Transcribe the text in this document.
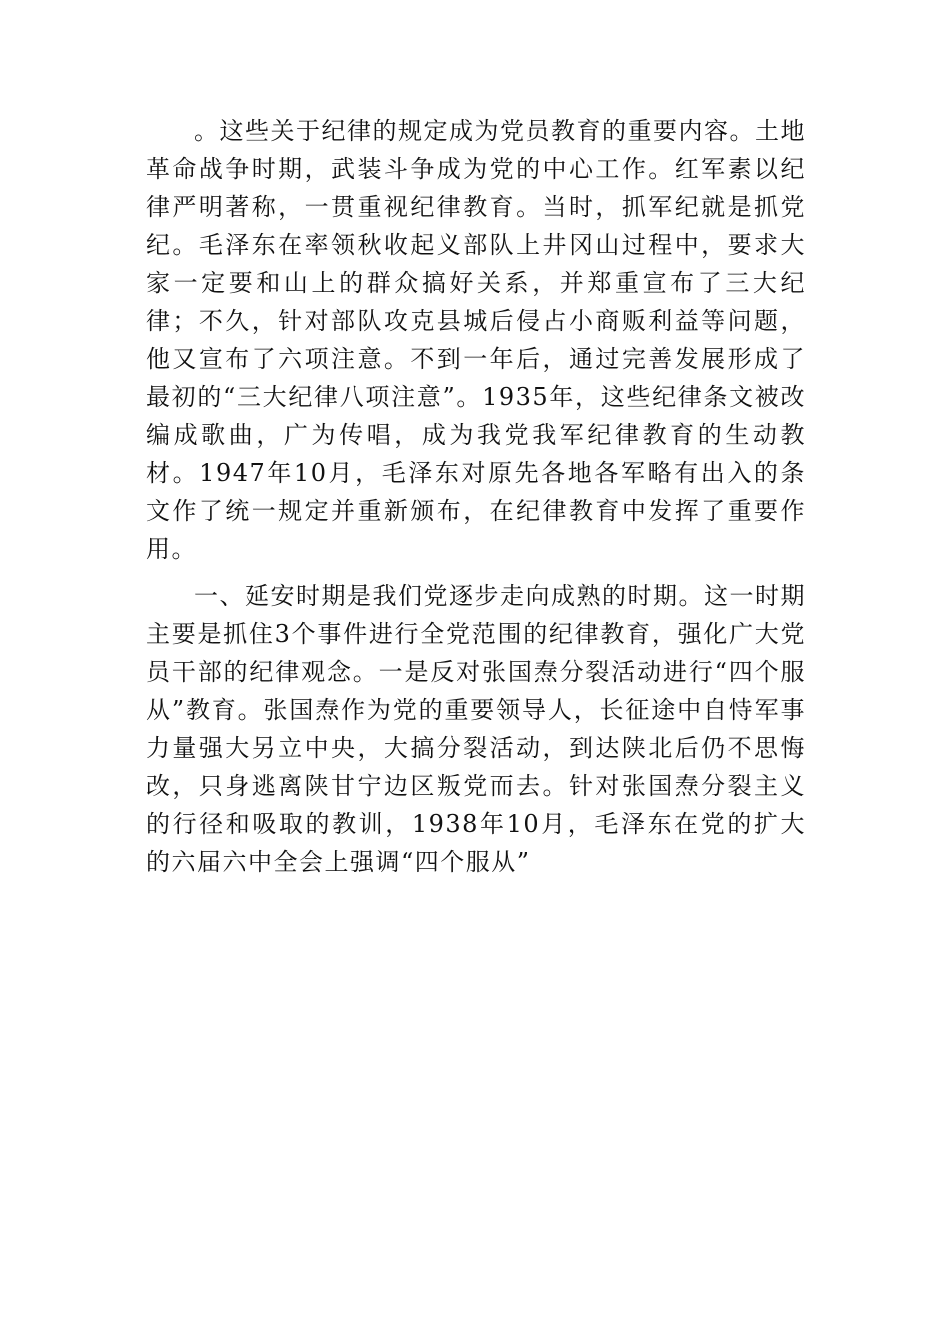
。这些关于纪律的规定成为党员教育的重要内容。土地革命战争时期，武装斗争成为党的中心工作。红军素以纪律严明著称，一贯重视纪律教育。当时，抓军纪就是抓党纪。毛泽东在率领秋收起义部队上井冈山过程中，要求大家一定要和山上的群众搞好关系，并郑重宣布了三大纪律；不久，针对部队攻克县城后侵占小商贩利益等问题，他又宣布了六项注意。不到一年后，通过完善发展形成了最初的“三大纪律八项注意”。1935年，这些纪律条文被改编成歌曲，广为传唱，成为我党我军纪律教育的生动教材。1947年10月，毛泽东对原先各地各军略有出入的条文作了统一规定并重新颁布，在纪律教育中发挥了重要作用。

一、延安时期是我们党逐步走向成熟的时期。这一时期主要是抓住3个事件进行全党范围的纪律教育，强化广大党员干部的纪律观念。一是反对张国焘分裂活动进行“四个服从”教育。张国焘作为党的重要领导人，长征途中自恃军事力量强大另立中央，大搞分裂活动，到达陕北后仍不思悔改，只身逃离陕甘宁边区叛党而去。针对张国焘分裂主义的行径和吸取的教训，1938年10月，毛泽东在党的扩大的六届六中全会上强调“四个服从”
